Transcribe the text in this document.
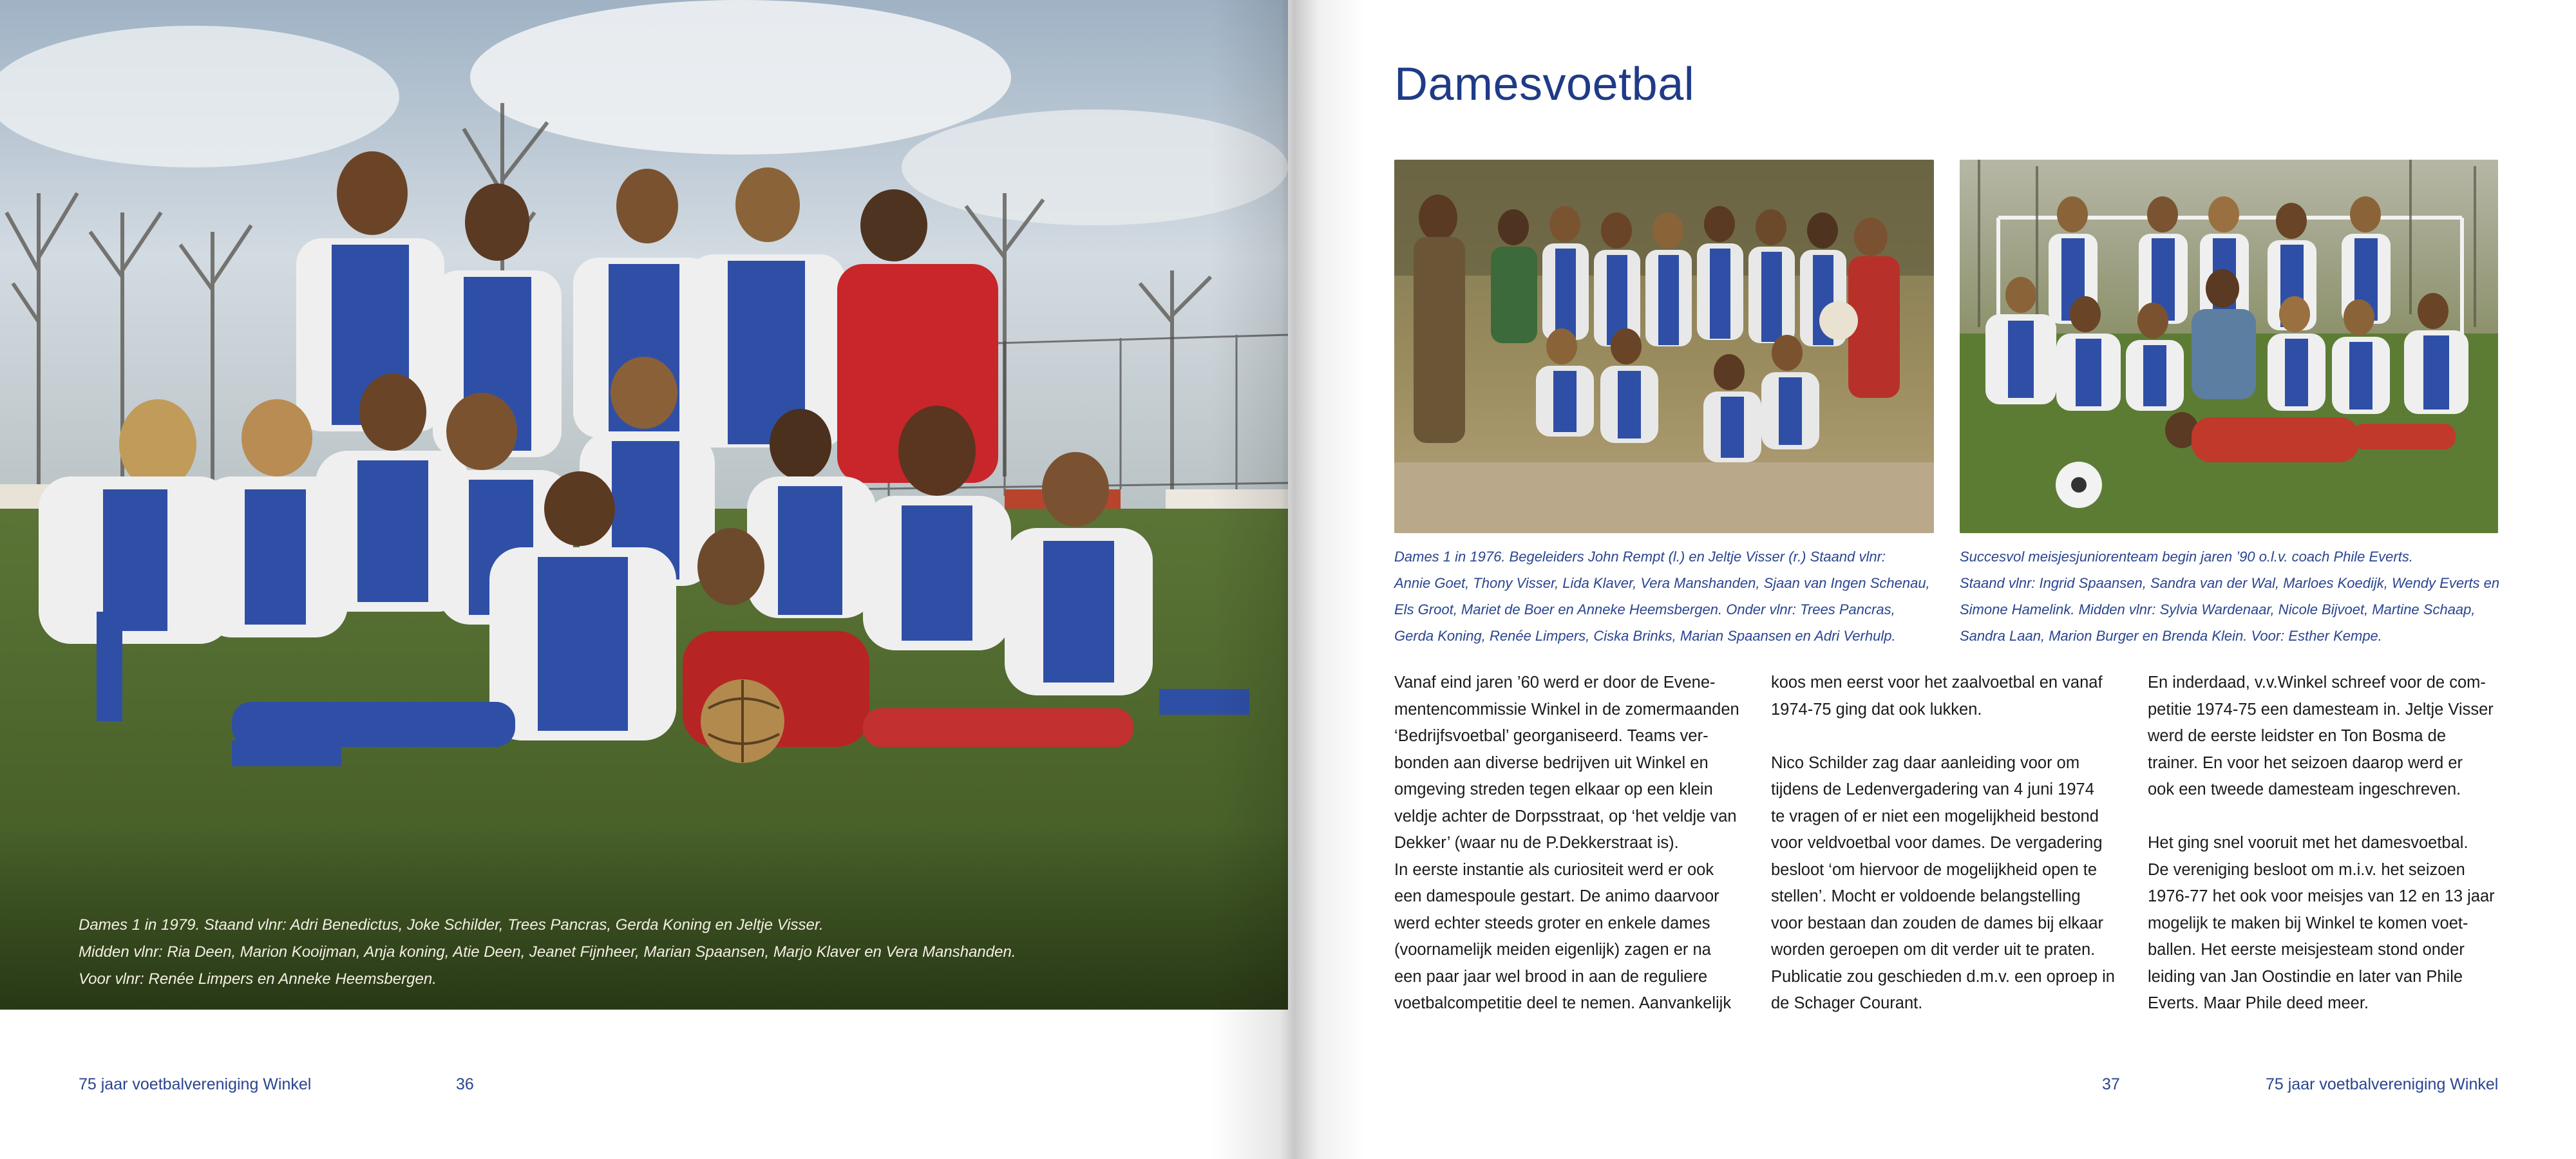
Dames 1 in 1979. Staand vlnr: Adri Benedictus, Joke Schilder, Trees Pancras, Gerda Koning en Jeltje Visser.
Midden vlnr: Ria Deen, Marion Kooijman, Anja koning, Atie Deen, Jeanet Fijnheer, Marian Spaansen, Marjo Klaver en Vera Manshanden.
Voor vlnr: Renée Limpers en Anneke Heemsbergen.
75 jaar voetbalvereniging Winkel	36
Damesvoetbal
Dames 1 in 1976. Begeleiders John Rempt (l.) en Jeltje Visser (r.) Staand vlnr:
Annie Goet, Thony Visser, Lida Klaver, Vera Manshanden, Sjaan van Ingen Schenau,
Els Groot, Mariet de Boer en Anneke Heemsbergen. Onder vlnr: Trees Pancras,
Gerda Koning, Renée Limpers, Ciska Brinks, Marian Spaansen en Adri Verhulp.
Succesvol meisjesjuniorenteam begin jaren ’90 o.l.v. coach Phile Everts.
Staand vlnr: Ingrid Spaansen, Sandra van der Wal, Marloes Koedijk, Wendy Everts en
Simone Hamelink. Midden vlnr: Sylvia Wardenaar, Nicole Bijvoet, Martine Schaap,
Sandra Laan, Marion Burger en Brenda Klein. Voor: Esther Kempe.
Vanaf eind jaren ’60 werd er door de Evene-
mentencommissie Winkel in de zomermaanden
‘Bedrijfsvoetbal’ georganiseerd. Teams ver-
bonden aan diverse bedrijven uit Winkel en
omgeving streden tegen elkaar op een klein
veldje achter de Dorpsstraat, op ‘het veldje van
Dekker’ (waar nu de P.Dekkerstraat is).
In eerste instantie als curiositeit werd er ook
een damespoule gestart. De animo daarvoor
werd echter steeds groter en enkele dames
(voornamelijk meiden eigenlijk) zagen er na
een paar jaar wel brood in aan de reguliere
voetbalcompetitie deel te nemen. Aanvankelijk
koos men eerst voor het zaalvoetbal en vanaf
1974-75 ging dat ook lukken.
Nico Schilder zag daar aanleiding voor om
tijdens de Ledenvergadering van 4 juni 1974
te vragen of er niet een mogelijkheid bestond
voor veldvoetbal voor dames. De vergadering
besloot ‘om hiervoor de mogelijkheid open te
stellen’. Mocht er voldoende belangstelling
voor bestaan dan zouden de dames bij elkaar
worden geroepen om dit verder uit te praten.
Publicatie zou geschieden d.m.v. een oproep in
de Schager Courant.
En inderdaad, v.v.Winkel schreef voor de com-
petitie 1974-75 een damesteam in. Jeltje Visser
werd de eerste leidster en Ton Bosma de
trainer. En voor het seizoen daarop werd er
ook een tweede damesteam ingeschreven.
Het ging snel vooruit met het damesvoetbal.
De vereniging besloot om m.i.v. het seizoen
1976-77 het ook voor meisjes van 12 en 13 jaar
mogelijk te maken bij Winkel te komen voet-
ballen. Het eerste meisjesteam stond onder
leiding van Jan Oostindie en later van Phile
Everts. Maar Phile deed meer.
37	75 jaar voetbalvereniging Winkel
